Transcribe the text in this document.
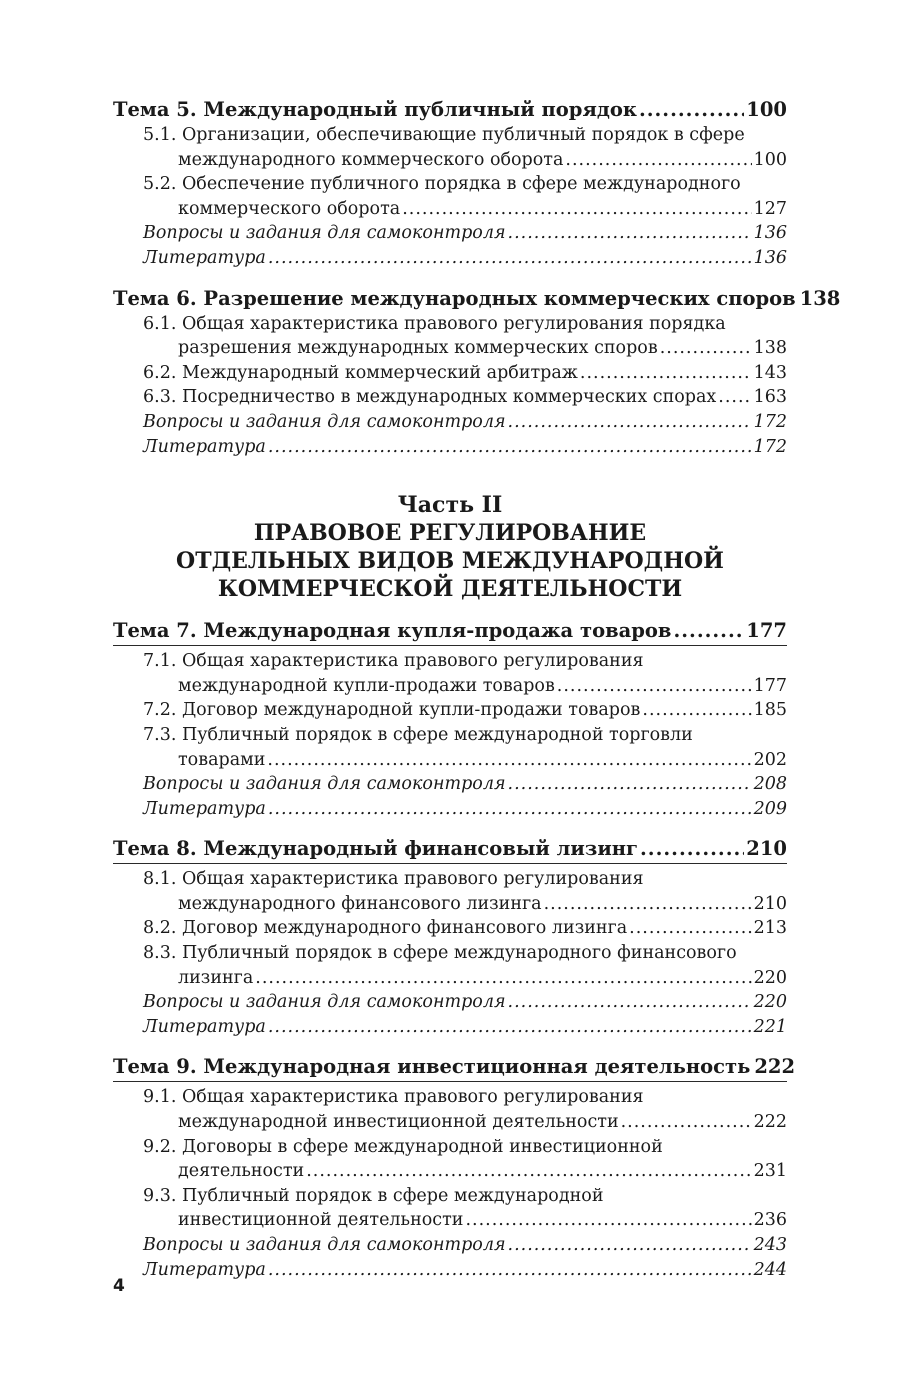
Тема 5. Международный публичный порядок .....	100
5.1. Организации, обеспечивающие публичный порядок в сфере
международного коммерческого оборота .....	100
5.2. Обеспечение публичного порядка в сфере международного
коммерческого оборота .....	127
Вопросы и задания для самоконтроля .....	136
Литература .....	136
Тема 6. Разрешение международных коммерческих споров 138
6.1. Общая характеристика правового регулирования порядка
разрешения международных коммерческих споров .....	138
6.2. Международный коммерческий арбитраж .....	143
6.3. Посредничество в международных коммерческих спорах ..... 163
Вопросы и задания для самоконтроля .....	172
Литература .....	172
Часть II
ПРАВОВОЕ РЕГУЛИРОВАНИЕ
ОТДЕЛЬНЫХ ВИДОВ МЕЖДУНАРОДНОЙ
КОММЕРЧЕСКОЙ ДЕЯТЕЛЬНОСТИ
Тема 7. Международная купля-продажа товаров .....	177
7.1. Общая характеристика правового регулирования
международной купли-продажи товаров .....	177
7.2. Договор международной купли-продажи товаров .....	185
7.3. Публичный порядок в сфере международной торговли
товарами .....	202
Вопросы и задания для самоконтроля .....	208
Литература .....	209
Тема 8. Международный финансовый лизинг .....	210
8.1. Общая характеристика правового регулирования
международного финансового лизинга .....	210
8.2. Договор международного финансового лизинга .....	213
8.3. Публичный порядок в сфере международного финансового
лизинга .....	220
Вопросы и задания для самоконтроля .....	220
Литература .....	221
Тема 9. Международная инвестиционная деятельность 222
9.1. Общая характеристика правового регулирования
международной инвестиционной деятельности .....	222
9.2. Договоры в сфере международной инвестиционной
деятельности .....	231
9.3. Публичный порядок в сфере международной
инвестиционной деятельности .....	236
Вопросы и задания для самоконтроля .....	243
Литература .....	244
4
